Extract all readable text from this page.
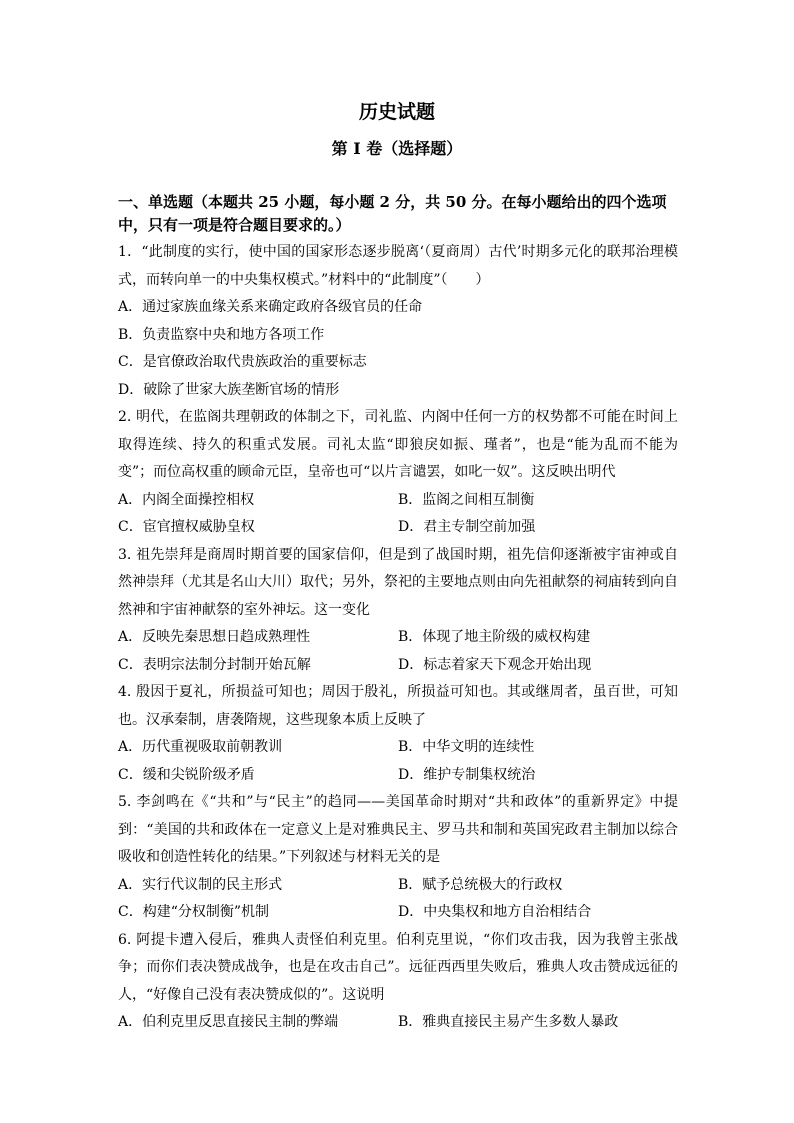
历史试题
第 I 卷（选择题）

一、单选题（本题共 25 小题，每小题 2 分，共 50 分。在每小题给出的四个选项中，只有一项是符合题目要求的。）

1．“此制度的实行，使中国的国家形态逐步脱离‘（夏商周）古代’时期多元化的联邦治理模式，而转向单一的中央集权模式。”材料中的“此制度”（　　）

A．通过家族血缘关系来确定政府各级官员的任命
B．负责监察中央和地方各项工作
C．是官僚政治取代贵族政治的重要标志
D．破除了世家大族垄断官场的情形

2. 明代，在监阁共理朝政的体制之下，司礼监、内阁中任何一方的权势都不可能在时间上取得连续、持久的积重式发展。司礼太监“即狼戾如振、瑾者”，也是“能为乱而不能为变”；而位高权重的顾命元臣，皇帝也可“以片言谴罢，如叱一奴”。这反映出明代

A．内阁全面操控相权	B．监阁之间相互制衡
C．宦官擅权威胁皇权	D．君主专制空前加强

3. 祖先崇拜是商周时期首要的国家信仰，但是到了战国时期，祖先信仰逐渐被宇宙神或自然神崇拜（尤其是名山大川）取代；另外，祭祀的主要地点则由向先祖献祭的祠庙转到向自然神和宇宙神献祭的室外神坛。这一变化

A．反映先秦思想日趋成熟理性	B．体现了地主阶级的威权构建
C．表明宗法制分封制开始瓦解	D．标志着家天下观念开始出现

4. 殷因于夏礼，所损益可知也；周因于殷礼，所损益可知也。其或继周者，虽百世，可知也。汉承秦制，唐袭隋规，这些现象本质上反映了

A．历代重视吸取前朝教训	B．中华文明的连续性
C．缓和尖锐阶级矛盾	D．维护专制集权统治

5. 李剑鸣在《“共和”与“民主”的趋同——美国革命时期对“共和政体”的重新界定》中提到：“美国的共和政体在一定意义上是对雅典民主、罗马共和制和英国宪政君主制加以综合吸收和创造性转化的结果。”下列叙述与材料无关的是

A．实行代议制的民主形式	B．赋予总统极大的行政权
C．构建“分权制衡”机制	D．中央集权和地方自治相结合

6. 阿提卡遭入侵后，雅典人责怪伯利克里。伯利克里说，“你们攻击我，因为我曾主张战争；而你们表决赞成战争，也是在攻击自己”。远征西西里失败后，雅典人攻击赞成远征的人，“好像自己没有表决赞成似的”。这说明

A．伯利克里反思直接民主制的弊端	B．雅典直接民主易产生多数人暴政
